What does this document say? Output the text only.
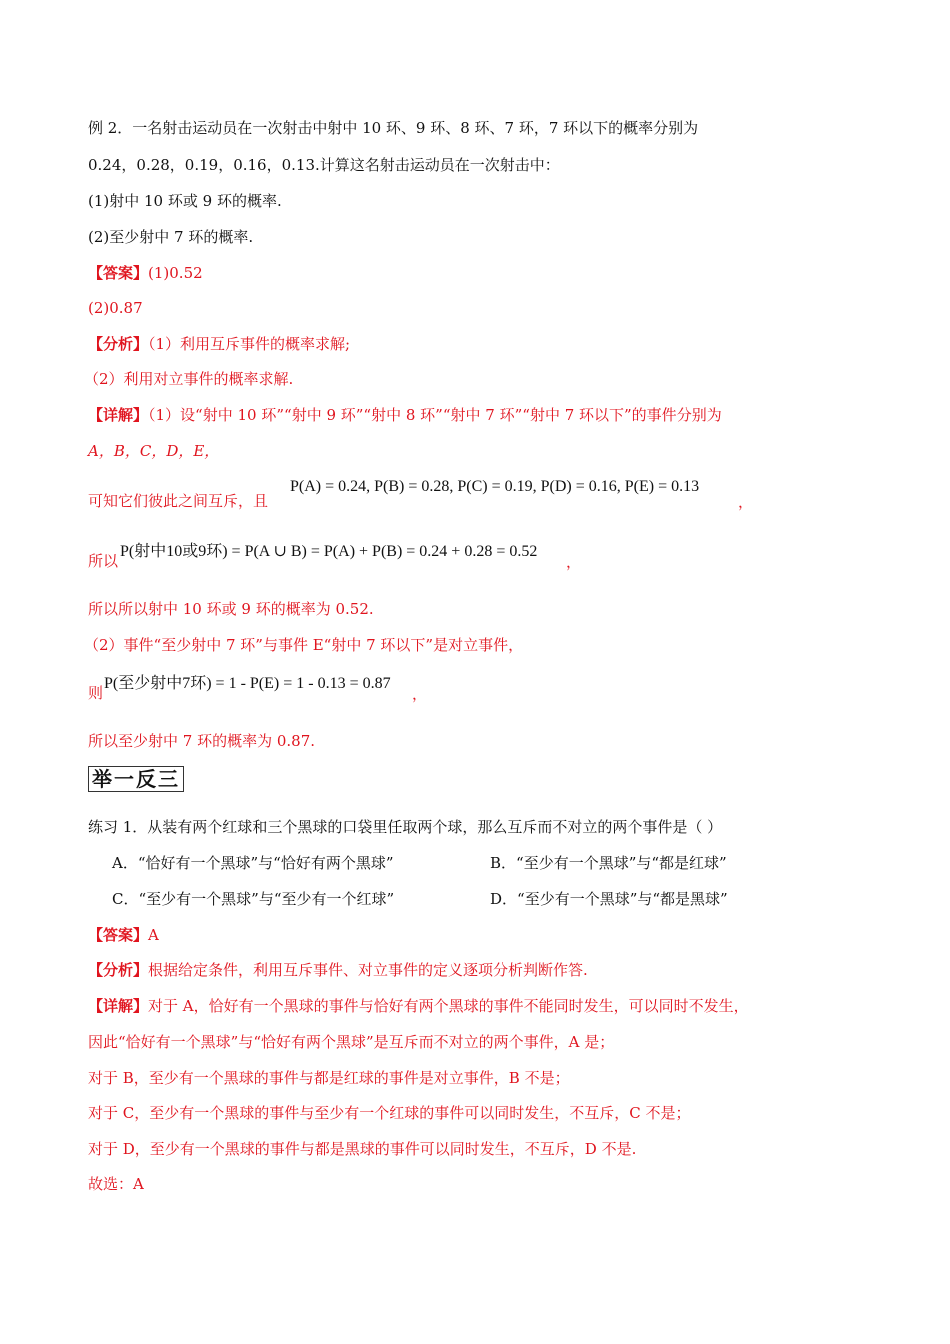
例 2．一名射击运动员在一次射击中射中 10 环、9 环、8 环、7 环，7 环以下的概率分别为
0.24，0.28，0.19，0.16，0.13.计算这名射击运动员在一次射击中：
(1)射中 10 环或 9 环的概率.
(2)至少射中 7 环的概率.
【答案】(1)0.52
(2)0.87
【分析】（1）利用互斥事件的概率求解;
（2）利用对立事件的概率求解.
【详解】（1）设“射中 10 环”“射中 9 环”“射中 8 环”“射中 7 环”“射中 7 环以下”的事件分别为
A，B，C，D，E，
可知它们彼此之间互斥，且
P(A) = 0.24, P(B) = 0.28, P(C) = 0.19, P(D) = 0.16, P(E) = 0.13
，
所以
P(射中10或9环) = P(A ∪ B) = P(A) + P(B) = 0.24 + 0.28 = 0.52
，
所以所以射中 10 环或 9 环的概率为 0.52.
（2）事件“至少射中 7 环”与事件 E“射中 7 环以下”是对立事件，
则
P(至少射中7环) = 1 - P(E) = 1 - 0.13 = 0.87
，
所以至少射中 7 环的概率为 0.87.
举一反三
练习 1．从装有两个红球和三个黑球的口袋里任取两个球，那么互斥而不对立的两个事件是（ ）
A．“恰好有一个黑球”与“恰好有两个黑球”	B．“至少有一个黑球”与“都是红球”
C．“至少有一个黑球”与“至少有一个红球”	D．“至少有一个黑球”与“都是黑球”
【答案】A
【分析】根据给定条件，利用互斥事件、对立事件的定义逐项分析判断作答.
【详解】对于 A，恰好有一个黑球的事件与恰好有两个黑球的事件不能同时发生，可以同时不发生，
因此“恰好有一个黑球”与“恰好有两个黑球”是互斥而不对立的两个事件，A 是；
对于 B，至少有一个黑球的事件与都是红球的事件是对立事件，B 不是；
对于 C，至少有一个黑球的事件与至少有一个红球的事件可以同时发生，不互斥，C 不是；
对于 D，至少有一个黑球的事件与都是黑球的事件可以同时发生，不互斥，D 不是.
故选：A
